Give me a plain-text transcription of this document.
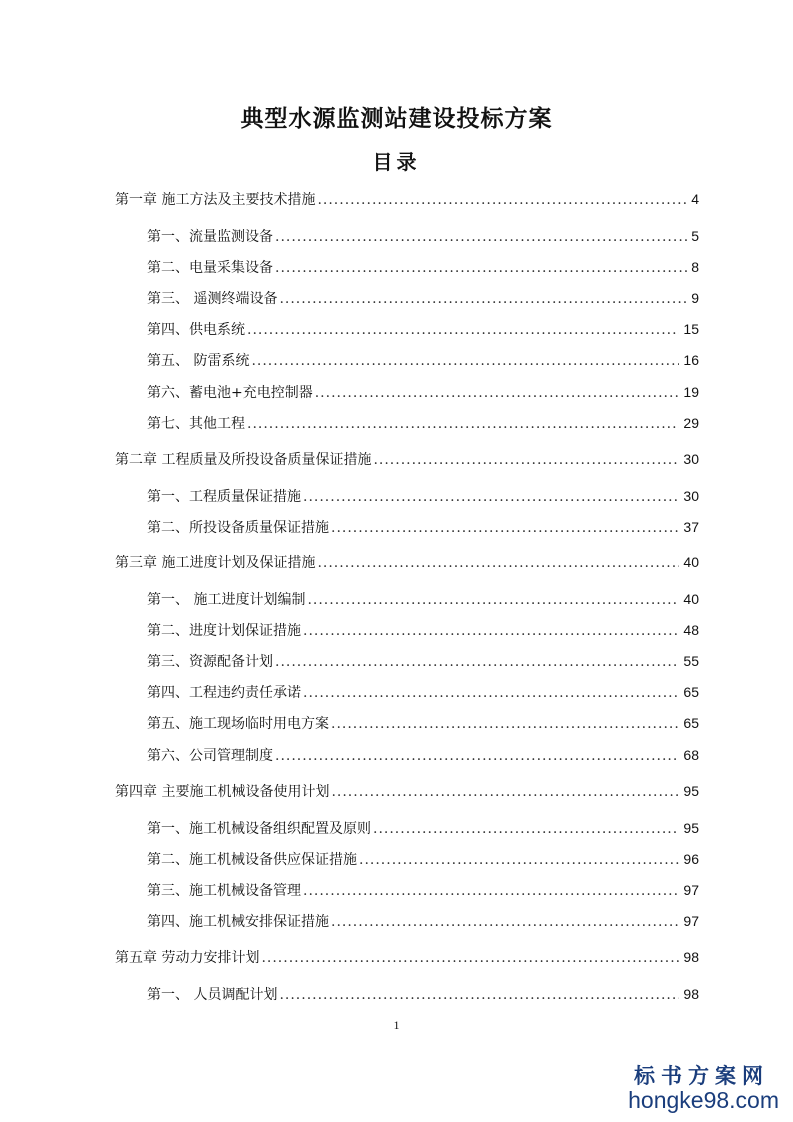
典型水源监测站建设投标方案
目录
第一章 施工方法及主要技术措施 .....	4
第一、流量监测设备 .....	5
第二、电量采集设备 .....	8
第三、 遥测终端设备 .....	9
第四、供电系统 .....	15
第五、 防雷系统 .....	16
第六、蓄电池+充电控制器 .....	19
第七、其他工程 .....	29
第二章 工程质量及所投设备质量保证措施 .....	30
第一、工程质量保证措施 .....	30
第二、所投设备质量保证措施 .....	37
第三章 施工进度计划及保证措施 .....	40
第一、 施工进度计划编制 .....	40
第二、进度计划保证措施 .....	48
第三、资源配备计划 .....	55
第四、工程违约责任承诺 .....	65
第五、施工现场临时用电方案 .....	65
第六、公司管理制度 .....	68
第四章 主要施工机械设备使用计划 .....	95
第一、施工机械设备组织配置及原则 .....	95
第二、施工机械设备供应保证措施 .....	96
第三、施工机械设备管理 .....	97
第四、施工机械安排保证措施 .....	97
第五章 劳动力安排计划 .....	98
第一、 人员调配计划 .....	98

1

标书方案网
hongke98.com
